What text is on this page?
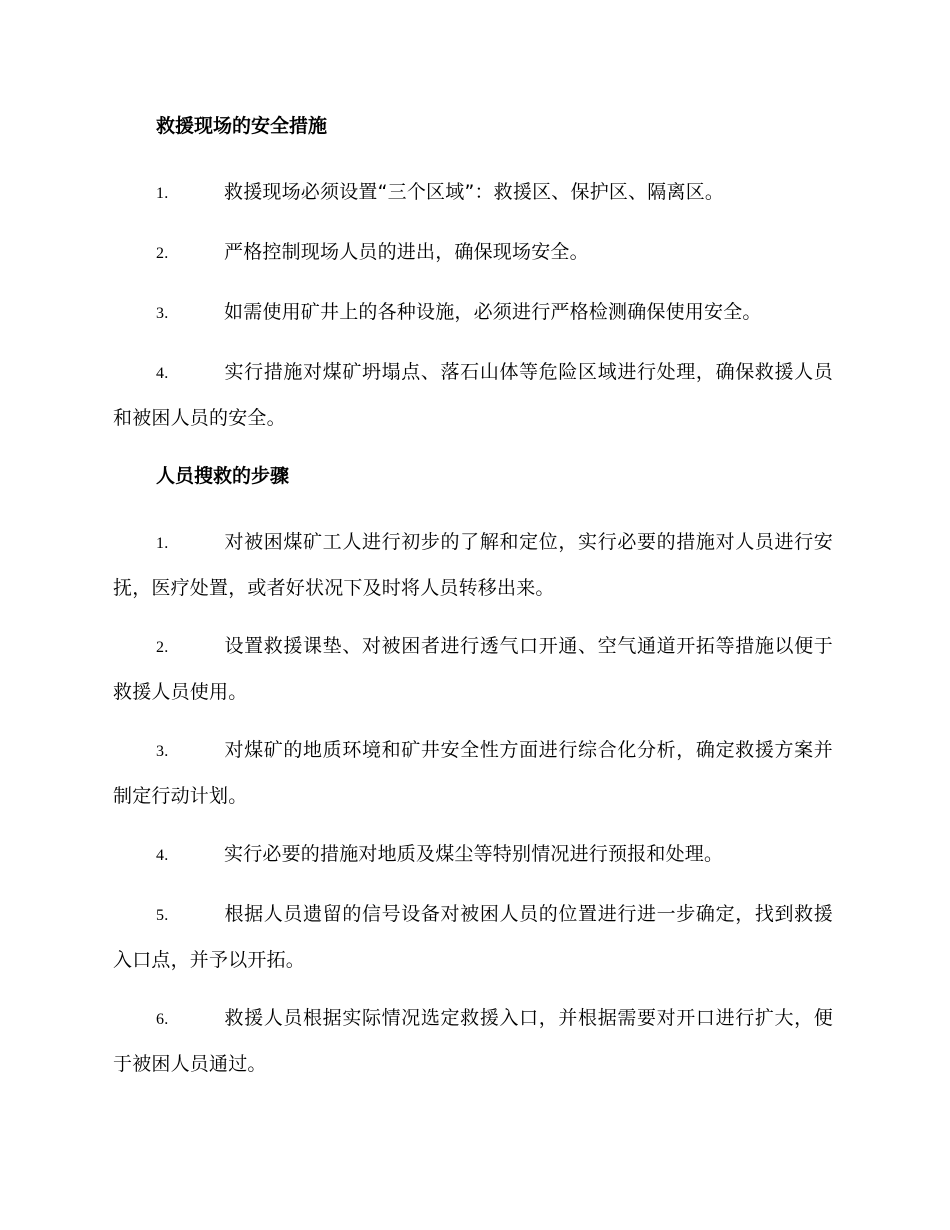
救援现场的安全措施

1.	救援现场必须设置“三个区域”：救援区、保护区、隔离区。

2.	严格控制现场人员的进出，确保现场安全。

3.	如需使用矿井上的各种设施，必须进行严格检测确保使用安全。

4.	实行措施对煤矿坍塌点、落石山体等危险区域进行处理，确保救援人员和被困人员的安全。

人员搜救的步骤

1.	对被困煤矿工人进行初步的了解和定位，实行必要的措施对人员进行安抚，医疗处置，或者好状况下及时将人员转移出来。

2.	设置救援课垫、对被困者进行透气口开通、空气通道开拓等措施以便于救援人员使用。

3.	对煤矿的地质环境和矿井安全性方面进行综合化分析，确定救援方案并制定行动计划。

4.	实行必要的措施对地质及煤尘等特别情况进行预报和处理。

5.	根据人员遗留的信号设备对被困人员的位置进行进一步确定，找到救援入口点，并予以开拓。

6.	救援人员根据实际情况选定救援入口，并根据需要对开口进行扩大，便于被困人员通过。
